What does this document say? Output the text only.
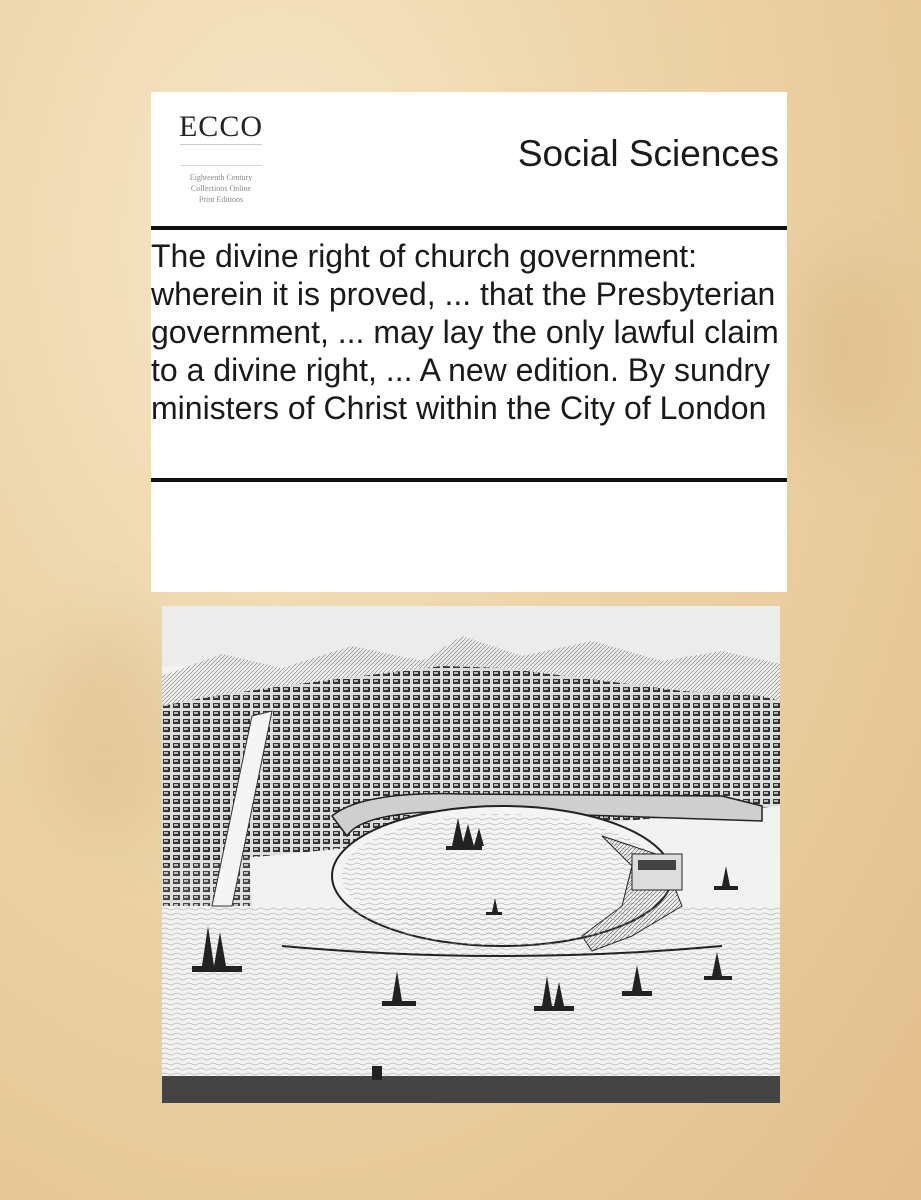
ECCO
Eighteenth Century
Collections Online
Print Editions
Social Sciences
The divine right of church government: wherein it is proved, ... that the Presbyterian government, ... may lay the only lawful claim to a divine right, ... A new edition. By sundry ministers of Christ within the City of London
